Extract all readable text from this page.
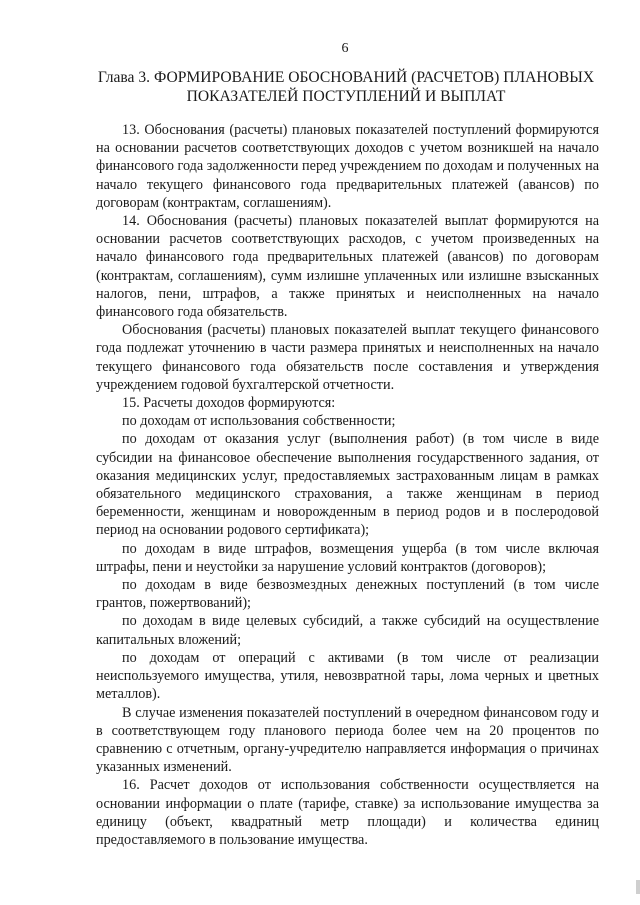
6
Глава 3. ФОРМИРОВАНИЕ ОБОСНОВАНИЙ (РАСЧЕТОВ) ПЛАНОВЫХ
ПОКАЗАТЕЛЕЙ ПОСТУПЛЕНИЙ И ВЫПЛАТ

13. Обоснования (расчеты) плановых показателей поступлений формируются на основании расчетов соответствующих доходов с учетом возникшей на начало финансового года задолженности перед учреждением по доходам и полученных на начало текущего финансового года предварительных платежей (авансов) по договорам (контрактам, соглашениям).

14. Обоснования (расчеты) плановых показателей выплат формируются на основании расчетов соответствующих расходов, с учетом произведенных на начало финансового года предварительных платежей (авансов) по договорам (контрактам, соглашениям), сумм излишне уплаченных или излишне взысканных налогов, пени, штрафов, а также принятых и неисполненных на начало финансового года обязательств.

Обоснования (расчеты) плановых показателей выплат текущего финансового года подлежат уточнению в части размера принятых и неисполненных на начало текущего финансового года обязательств после составления и утверждения учреждением годовой бухгалтерской отчетности.

15. Расчеты доходов формируются:

по доходам от использования собственности;

по доходам от оказания услуг (выполнения работ) (в том числе в виде субсидии на финансовое обеспечение выполнения государственного задания, от оказания медицинских услуг, предоставляемых застрахованным лицам в рамках обязательного медицинского страхования, а также женщинам в период беременности, женщинам и новорожденным в период родов и в послеродовой период на основании родового сертификата);

по доходам в виде штрафов, возмещения ущерба (в том числе включая штрафы, пени и неустойки за нарушение условий контрактов (договоров);

по доходам в виде безвозмездных денежных поступлений (в том числе грантов, пожертвований);

по доходам в виде целевых субсидий, а также субсидий на осуществление капитальных вложений;

по доходам от операций с активами (в том числе от реализации неиспользуемого имущества, утиля, невозвратной тары, лома черных и цветных металлов).

В случае изменения показателей поступлений в очередном финансовом году и в соответствующем году планового периода более чем на 20 процентов по сравнению с отчетным, органу-учредителю направляется информация о причинах указанных изменений.

16. Расчет доходов от использования собственности осуществляется на основании информации о плате (тарифе, ставке) за использование имущества за единицу (объект, квадратный метр площади) и количества единиц предоставляемого в пользование имущества.
